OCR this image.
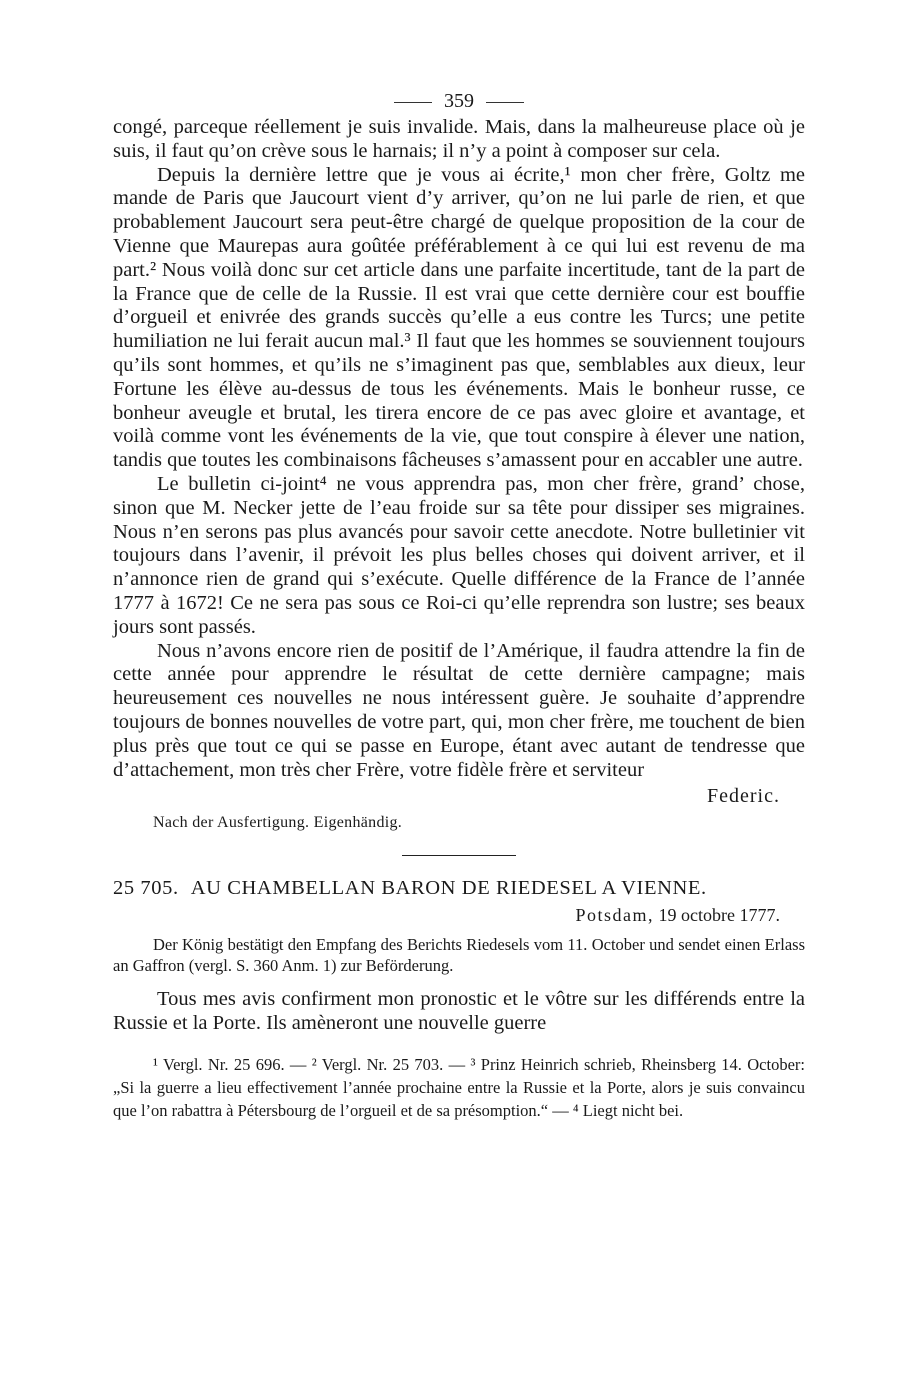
359

congé, parceque réellement je suis invalide. Mais, dans la malheureuse place où je suis, il faut qu’on crève sous le harnais; il n’y a point à composer sur cela.

Depuis la dernière lettre que je vous ai écrite,¹ mon cher frère, Goltz me mande de Paris que Jaucourt vient d’y arriver, qu’on ne lui parle de rien, et que probablement Jaucourt sera peut-être chargé de quelque proposition de la cour de Vienne que Maurepas aura goûtée préférablement à ce qui lui est revenu de ma part.² Nous voilà donc sur cet article dans une parfaite incertitude, tant de la part de la France que de celle de la Russie. Il est vrai que cette dernière cour est bouffie d’orgueil et enivrée des grands succès qu’elle a eus contre les Turcs; une petite humiliation ne lui ferait aucun mal.³ Il faut que les hommes se souviennent toujours qu’ils sont hommes, et qu’ils ne s’imaginent pas que, semblables aux dieux, leur Fortune les élève au-dessus de tous les événements. Mais le bonheur russe, ce bonheur aveugle et brutal, les tirera encore de ce pas avec gloire et avantage, et voilà comme vont les événements de la vie, que tout conspire à élever une nation, tandis que toutes les combinaisons fâcheuses s’amassent pour en accabler une autre.

Le bulletin ci-joint⁴ ne vous apprendra pas, mon cher frère, grand’ chose, sinon que M. Necker jette de l’eau froide sur sa tête pour dissiper ses migraines. Nous n’en serons pas plus avancés pour savoir cette anecdote. Notre bulletinier vit toujours dans l’avenir, il prévoit les plus belles choses qui doivent arriver, et il n’annonce rien de grand qui s’exécute. Quelle différence de la France de l’année 1777 à 1672! Ce ne sera pas sous ce Roi-ci qu’elle reprendra son lustre; ses beaux jours sont passés.

Nous n’avons encore rien de positif de l’Amérique, il faudra attendre la fin de cette année pour apprendre le résultat de cette dernière campagne; mais heureusement ces nouvelles ne nous intéressent guère. Je souhaite d’apprendre toujours de bonnes nouvelles de votre part, qui, mon cher frère, me touchent de bien plus près que tout ce qui se passe en Europe, étant avec autant de tendresse que d’attachement, mon très cher Frère, votre fidèle frère et serviteur
Federic.

Nach der Ausfertigung. Eigenhändig.
25 705. AU CHAMBELLAN BARON DE RIEDESEL A VIENNE.
Potsdam, 19 octobre 1777.
Der König bestätigt den Empfang des Berichts Riedesels vom 11. October und sendet einen Erlass an Gaffron (vergl. S. 360 Anm. 1) zur Beförderung.

Tous mes avis confirment mon pronostic et le vôtre sur les différends entre la Russie et la Porte. Ils amèneront une nouvelle guerre

¹ Vergl. Nr. 25 696. — ² Vergl. Nr. 25 703. — ³ Prinz Heinrich schrieb, Rheinsberg 14. October: „Si la guerre a lieu effectivement l’année prochaine entre la Russie et la Porte, alors je suis convaincu que l’on rabattra à Pétersbourg de l’orgueil et de sa présomption.“ — ⁴ Liegt nicht bei.
